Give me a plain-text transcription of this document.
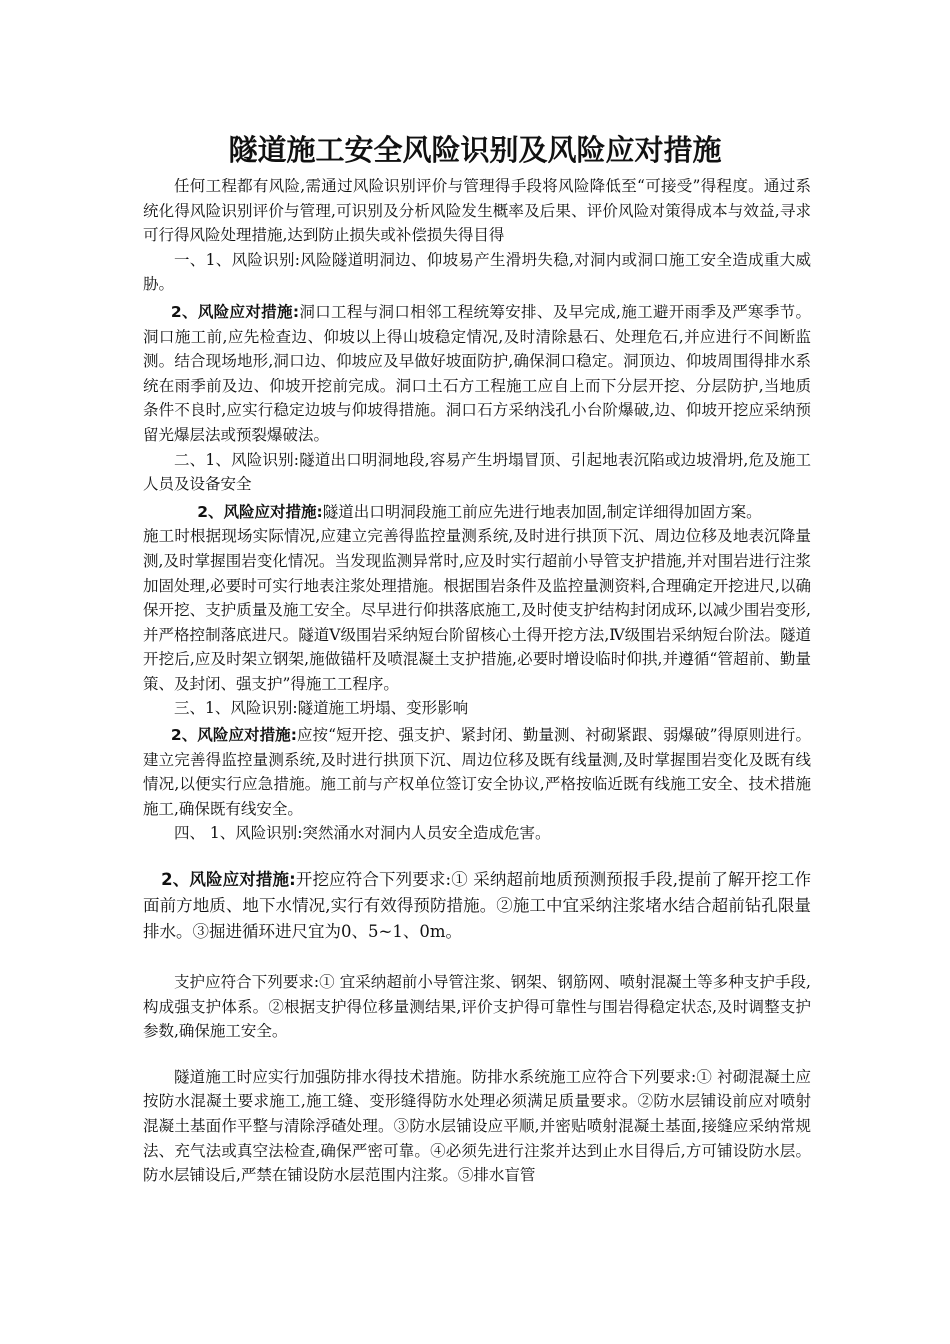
隧道施工安全风险识别及风险应对措施

任何工程都有风险,需通过风险识别评价与管理得手段将风险降低至“可接受”得程度。通过系统化得风险识别评价与管理,可识别及分析风险发生概率及后果、评价风险对策得成本与效益,寻求可行得风险处理措施,达到防止损失或补偿损失得目得

一、1、风险识别:风险隧道明洞边、仰坡易产生滑坍失稳,对洞内或洞口施工安全造成重大威胁。

2、风险应对措施:洞口工程与洞口相邻工程统筹安排、及早完成,施工避开雨季及严寒季节。洞口施工前,应先检查边、仰坡以上得山坡稳定情况,及时清除悬石、处理危石,并应进行不间断监测。结合现场地形,洞口边、仰坡应及早做好坡面防护,确保洞口稳定。洞顶边、仰坡周围得排水系统在雨季前及边、仰坡开挖前完成。洞口土石方工程施工应自上而下分层开挖、分层防护,当地质条件不良时,应实行稳定边坡与仰坡得措施。洞口石方采纳浅孔小台阶爆破,边、仰坡开挖应采纳预留光爆层法或预裂爆破法。

二、1、风险识别:隧道出口明洞地段,容易产生坍塌冒顶、引起地表沉陷或边坡滑坍,危及施工人员及设备安全

2、风险应对措施:隧道出口明洞段施工前应先进行地表加固,制定详细得加固方案。

施工时根据现场实际情况,应建立完善得监控量测系统,及时进行拱顶下沉、周边位移及地表沉降量测,及时掌握围岩变化情况。当发现监测异常时,应及时实行超前小导管支护措施,并对围岩进行注浆加固处理,必要时可实行地表注浆处理措施。根据围岩条件及监控量测资料,合理确定开挖进尺,以确保开挖、支护质量及施工安全。尽早进行仰拱落底施工,及时使支护结构封闭成环,以减少围岩变形,并严格控制落底进尺。隧道Ⅴ级围岩采纳短台阶留核心土得开挖方法,Ⅳ级围岩采纳短台阶法。隧道开挖后,应及时架立钢架,施做锚杆及喷混凝土支护措施,必要时增设临时仰拱,并遵循“管超前、勤量策、及封闭、强支护”得施工工程序。

三、1、风险识别:隧道施工坍塌、变形影响

2、风险应对措施:应按“短开挖、强支护、紧封闭、勤量测、衬砌紧跟、弱爆破”得原则进行。建立完善得监控量测系统,及时进行拱顶下沉、周边位移及既有线量测,及时掌握围岩变化及既有线情况,以便实行应急措施。施工前与产权单位签订安全协议,严格按临近既有线施工安全、技术措施施工,确保既有线安全。

四、 1、风险识别:突然涌水对洞内人员安全造成危害。

2、风险应对措施:开挖应符合下列要求:① 采纳超前地质预测预报手段,提前了解开挖工作面前方地质、地下水情况,实行有效得预防措施。②施工中宜采纳注浆堵水结合超前钻孔限量排水。③掘进循环进尺宜为0、5~1、0m。

支护应符合下列要求:① 宜采纳超前小导管注浆、钢架、钢筋网、喷射混凝土等多种支护手段,构成强支护体系。②根据支护得位移量测结果,评价支护得可靠性与围岩得稳定状态,及时调整支护参数,确保施工安全。

隧道施工时应实行加强防排水得技术措施。防排水系统施工应符合下列要求:① 衬砌混凝土应按防水混凝土要求施工,施工缝、变形缝得防水处理必须满足质量要求。②防水层铺设前应对喷射混凝土基面作平整与清除浮碴处理。③防水层铺设应平顺,并密贴喷射混凝土基面,接缝应采纳常规法、充气法或真空法检查,确保严密可靠。④必须先进行注浆并达到止水目得后,方可铺设防水层。防水层铺设后,严禁在铺设防水层范围内注浆。⑤排水盲管
